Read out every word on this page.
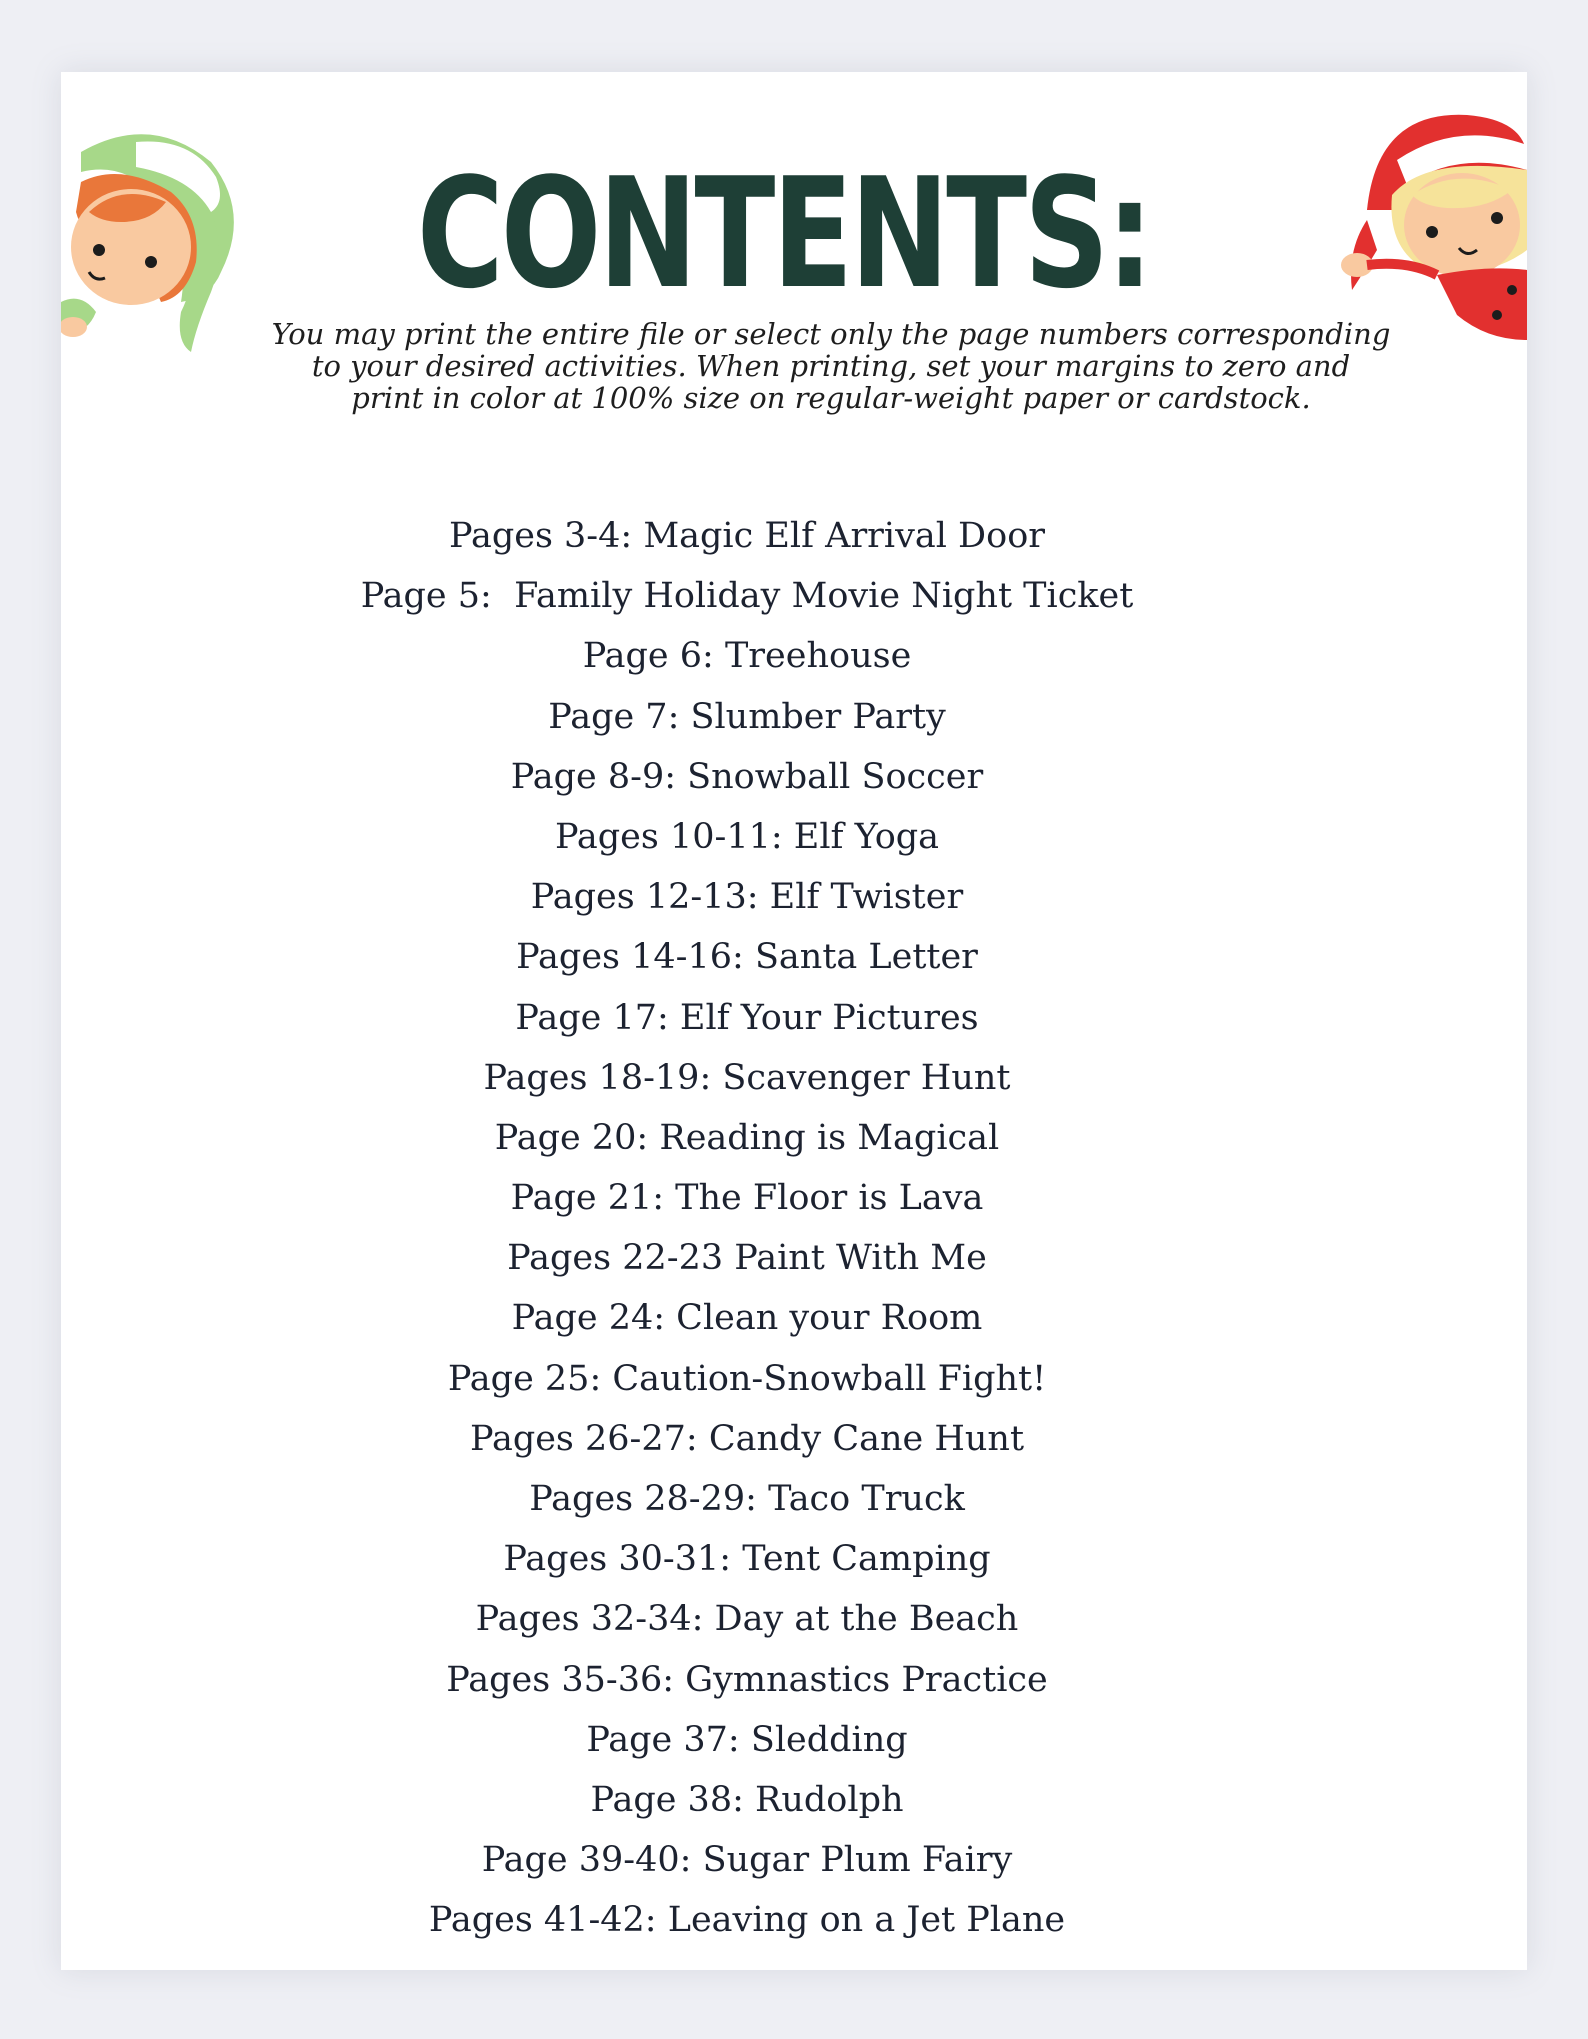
CONTENTS:
You may print the entire file or select only the page numbers corresponding
to your desired activities. When printing, set your margins to zero and
print in color at 100% size on regular-weight paper or cardstock.
Pages 3-4: Magic Elf Arrival Door
Page 5:  Family Holiday Movie Night Ticket
Page 6: Treehouse
Page 7: Slumber Party
Page 8-9: Snowball Soccer
Pages 10-11: Elf Yoga
Pages 12-13: Elf Twister
Pages 14-16: Santa Letter
Page 17: Elf Your Pictures
Pages 18-19: Scavenger Hunt
Page 20: Reading is Magical
Page 21: The Floor is Lava
Pages 22-23 Paint With Me
Page 24: Clean your Room
Page 25: Caution-Snowball Fight!
Pages 26-27: Candy Cane Hunt
Pages 28-29: Taco Truck
Pages 30-31: Tent Camping
Pages 32-34: Day at the Beach
Pages 35-36: Gymnastics Practice
Page 37: Sledding
Page 38: Rudolph
Page 39-40: Sugar Plum Fairy
Pages 41-42: Leaving on a Jet Plane
